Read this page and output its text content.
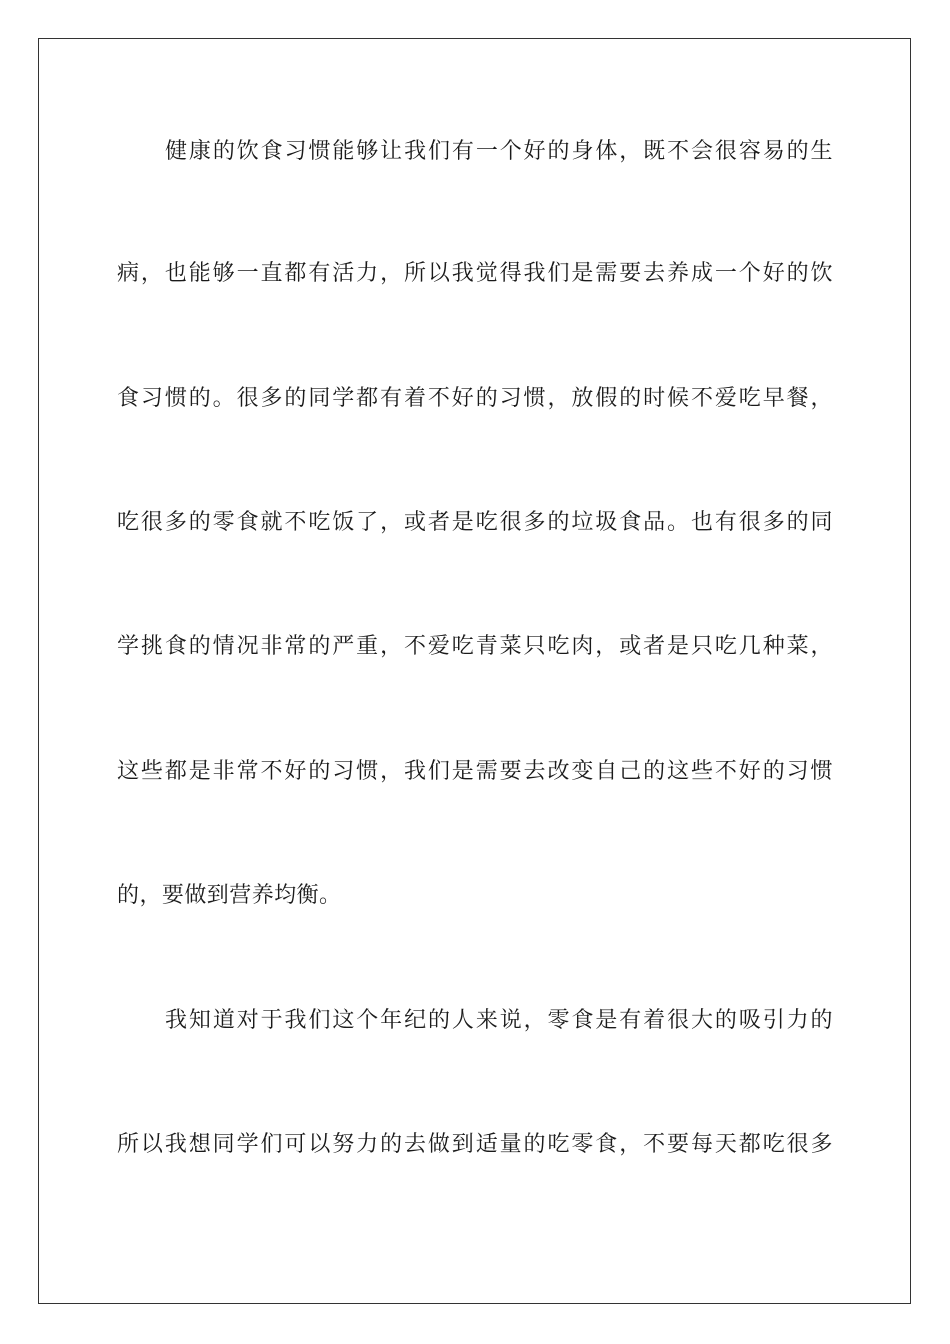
健康的饮食习惯能够让我们有一个好的身体，既不会很容易的生
病，也能够一直都有活力，所以我觉得我们是需要去养成一个好的饮
食习惯的。很多的同学都有着不好的习惯，放假的时候不爱吃早餐，
吃很多的零食就不吃饭了，或者是吃很多的垃圾食品。也有很多的同
学挑食的情况非常的严重，不爱吃青菜只吃肉，或者是只吃几种菜，
这些都是非常不好的习惯，我们是需要去改变自己的这些不好的习惯
的，要做到营养均衡。
我知道对于我们这个年纪的人来说，零食是有着很大的吸引力的
所以我想同学们可以努力的去做到适量的吃零食，不要每天都吃很多
